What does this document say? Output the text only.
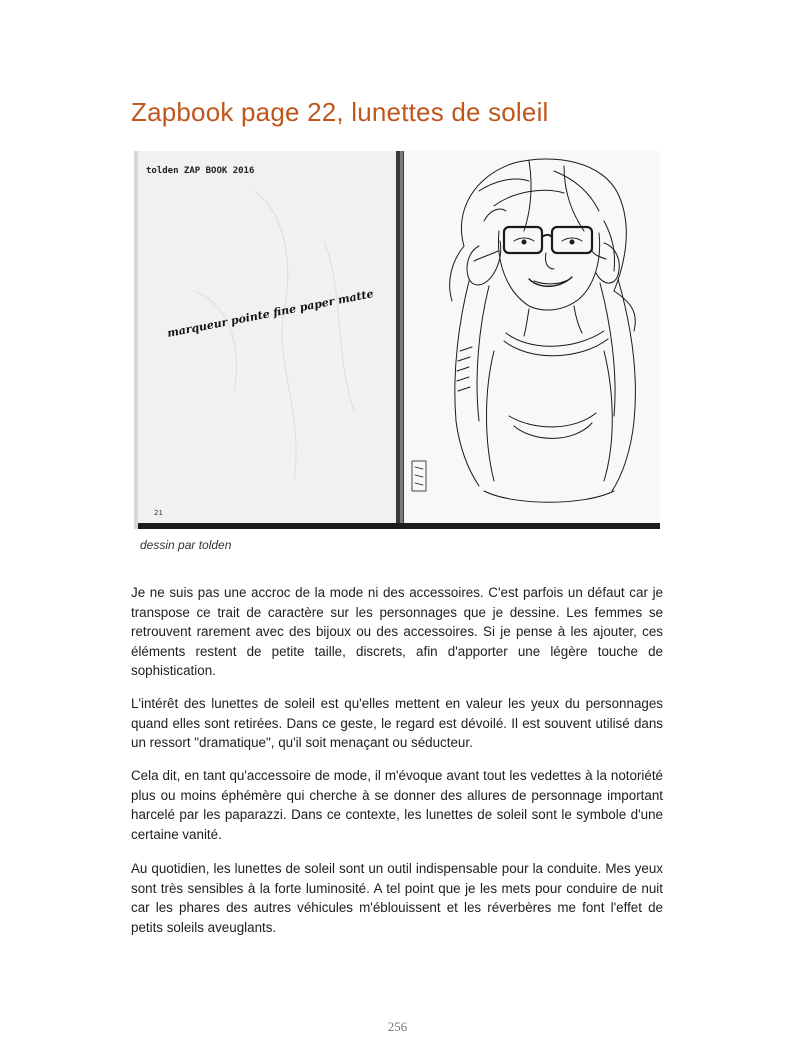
Zapbook page 22, lunettes de soleil
tolden ZAP BOOK 2016
marqueur pointe fine paper matte
21
dessin par tolden

Je ne suis pas une accroc de la mode ni des accessoires. C'est parfois un défaut car je transpose ce trait de caractère sur les personnages que je dessine. Les femmes se retrouvent rarement avec des bijoux ou des accessoires. Si je pense à les ajouter, ces éléments restent de petite taille, discrets, afin d'apporter une légère touche de sophistication.

L'intérêt des lunettes de soleil est qu'elles mettent en valeur les yeux du personnages quand elles sont retirées. Dans ce geste, le regard est dévoilé. Il est souvent utilisé dans un ressort "dramatique", qu'il soit menaçant ou séducteur.

Cela dit, en tant qu'accessoire de mode, il m'évoque avant tout les vedettes à la notoriété plus ou moins éphémère qui cherche à se donner des allures de personnage important harcelé par les paparazzi. Dans ce contexte, les lunettes de soleil sont le symbole d'une certaine vanité.

Au quotidien, les lunettes de soleil sont un outil indispensable pour la conduite. Mes yeux sont très sensibles à la forte luminosité. A tel point que je les mets pour conduire de nuit car les phares des autres véhicules m'éblouissent et les réverbères me font l'effet de petits soleils aveuglants.

256
